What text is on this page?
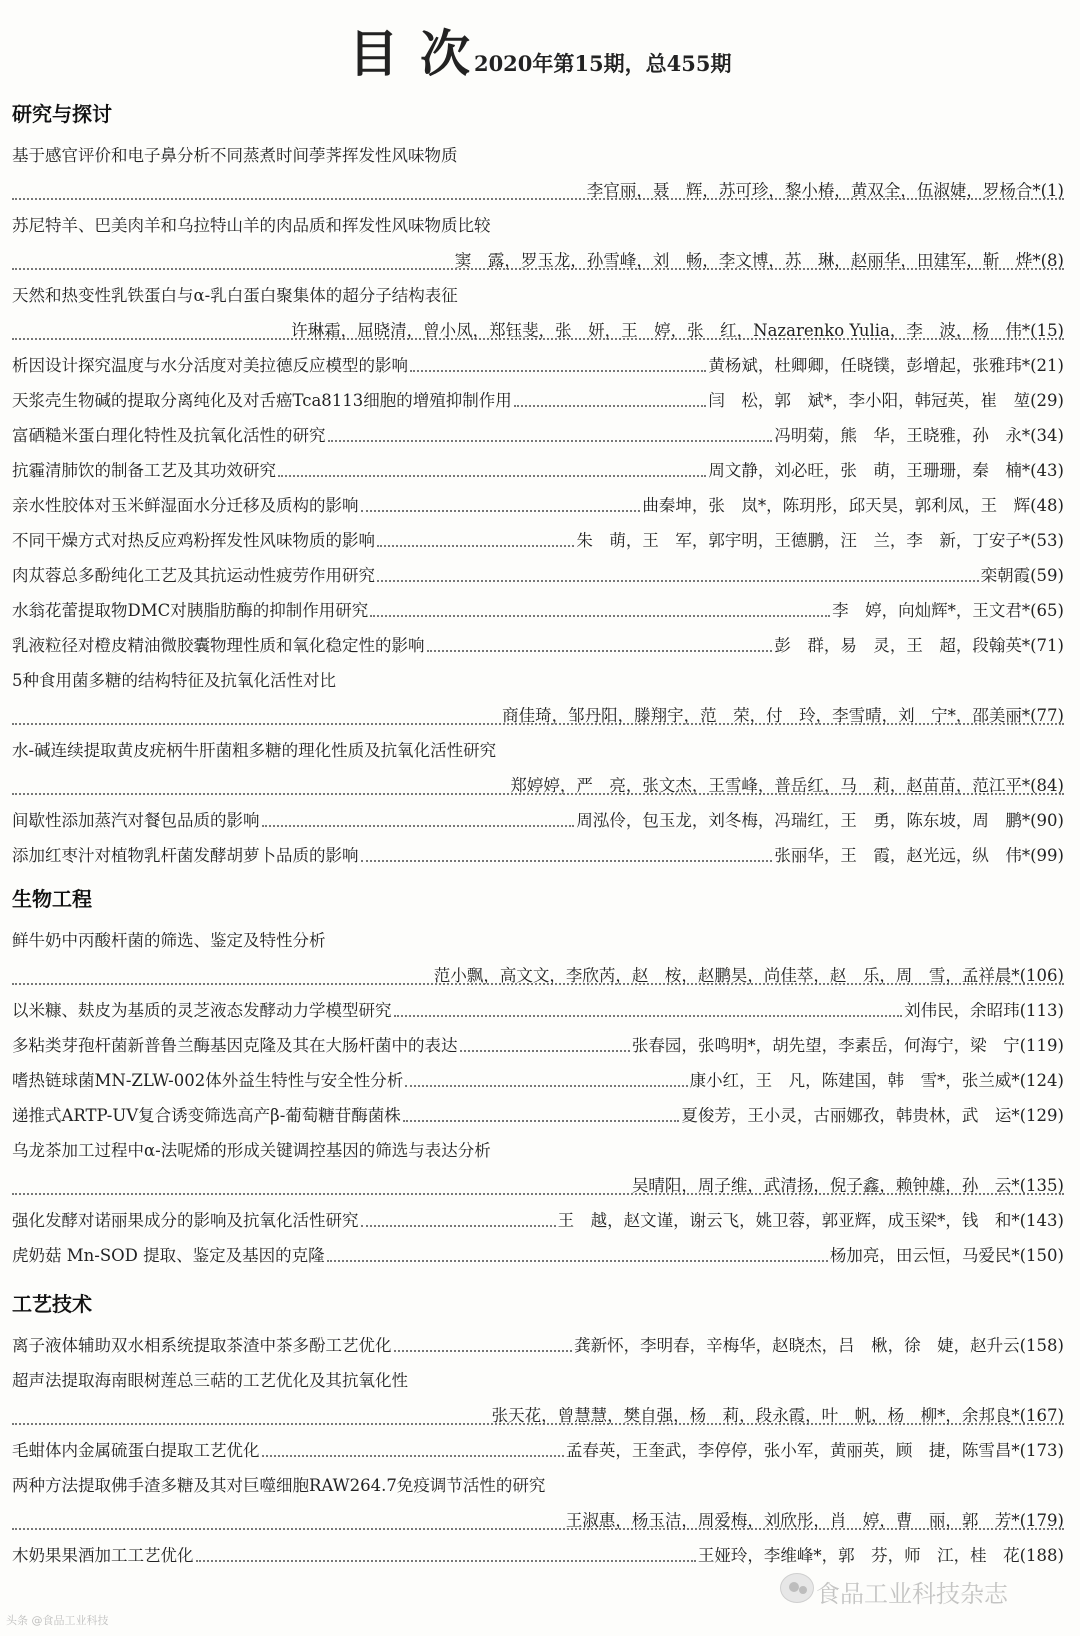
目 次2020年第15期，总455期
研究与探讨
基于感官评价和电子鼻分析不同蒸煮时间荸荠挥发性风味物质
李官丽，聂　辉，苏可珍，黎小椿，黄双全，伍淑婕，罗杨合*(1)
苏尼特羊、巴美肉羊和乌拉特山羊的肉品质和挥发性风味物质比较
窦　露，罗玉龙，孙雪峰，刘　畅，李文博，苏　琳，赵丽华，田建军，靳　烨*(8)
天然和热变性乳铁蛋白与α-乳白蛋白聚集体的超分子结构表征
许琳霜，屈晓清，曾小凤，郑钰斐，张　妍，王　婷，张　红，Nazarenko Yulia，李　波，杨　伟*(15)
析因设计探究温度与水分活度对美拉德反应模型的影响	黄杨斌，杜卿卿，任晓镤，彭增起，张雅玮*(21)
天浆壳生物碱的提取分离纯化及对舌癌Tca8113细胞的增殖抑制作用	闫　松，郭　斌*，李小阳，韩冠英，崔　堃(29)
富硒糙米蛋白理化特性及抗氧化活性的研究	冯明菊，熊　华，王晓雅，孙　永*(34)
抗霾清肺饮的制备工艺及其功效研究	周文静，刘必旺，张　萌，王珊珊，秦　楠*(43)
亲水性胶体对玉米鲜湿面水分迁移及质构的影响	曲秦坤，张　岚*，陈玥彤，邱天昊，郭利凤，王　辉(48)
不同干燥方式对热反应鸡粉挥发性风味物质的影响	朱　萌，王　军，郭宇明，王德鹏，汪　兰，李　新，丁安子*(53)
肉苁蓉总多酚纯化工艺及其抗运动性疲劳作用研究	栾朝霞(59)
水翁花蕾提取物DMC对胰脂肪酶的抑制作用研究	李　婷，向灿辉*，王文君*(65)
乳液粒径对橙皮精油微胶囊物理性质和氧化稳定性的影响	彭　群，易　灵，王　超，段翰英*(71)
5种食用菌多糖的结构特征及抗氧化活性对比
商佳琦，邹丹阳，滕翔宇，范　荣，付　玲，李雪晴，刘　宁*，邵美丽*(77)
水-碱连续提取黄皮疣柄牛肝菌粗多糖的理化性质及抗氧化活性研究
郑婷婷，严　亮，张文杰，王雪峰，普岳红，马　莉，赵苗苗，范江平*(84)
间歇性添加蒸汽对餐包品质的影响	周泓伶，包玉龙，刘冬梅，冯瑞红，王　勇，陈东坡，周　鹏*(90)
添加红枣汁对植物乳杆菌发酵胡萝卜品质的影响	张丽华，王　霞，赵光远，纵　伟*(99)
生物工程
鲜牛奶中丙酸杆菌的筛选、鉴定及特性分析
范小飘，高文文，李欣芮，赵　桉，赵鹏昊，尚佳萃，赵　乐，周　雪，孟祥晨*(106)
以米糠、麸皮为基质的灵芝液态发酵动力学模型研究	刘伟民，余昭玮(113)
多粘类芽孢杆菌新普鲁兰酶基因克隆及其在大肠杆菌中的表达	张春园，张鸣明*，胡先望，李素岳，何海宁，梁　宁(119)
嗜热链球菌MN-ZLW-002体外益生特性与安全性分析	康小红，王　凡，陈建国，韩　雪*，张兰威*(124)
递推式ARTP-UV复合诱变筛选高产β-葡萄糖苷酶菌株	夏俊芳，王小灵，古丽娜孜，韩贵林，武　运*(129)
乌龙茶加工过程中α-法呢烯的形成关键调控基因的筛选与表达分析
吴晴阳，周子维，武清扬，倪子鑫，赖钟雄，孙　云*(135)
强化发酵对诺丽果成分的影响及抗氧化活性研究	王　越，赵文谨，谢云飞，姚卫蓉，郭亚辉，成玉梁*，钱　和*(143)
虎奶菇 Mn-SOD 提取、鉴定及基因的克隆	杨加亮，田云恒，马爱民*(150)
工艺技术
离子液体辅助双水相系统提取茶渣中茶多酚工艺优化	龚新怀，李明春，辛梅华，赵晓杰，吕　楸，徐　婕，赵升云(158)
超声法提取海南眼树莲总三萜的工艺优化及其抗氧化性
张天花，曾慧慧，樊自强，杨　莉，段永霞，叶　帆，杨　柳*，余邦良*(167)
毛蚶体内金属硫蛋白提取工艺优化	孟春英，王奎武，李停停，张小军，黄丽英，顾　捷，陈雪昌*(173)
两种方法提取佛手渣多糖及其对巨噬细胞RAW264.7免疫调节活性的研究
王淑惠，杨玉洁，周爱梅，刘欣彤，肖　婷，曹　丽，郭　芳*(179)
木奶果果酒加工工艺优化	王娅玲，李维峰*，郭　芬，师　江，桂　花(188)
食品工业科技杂志
头条 @食品工业科技
